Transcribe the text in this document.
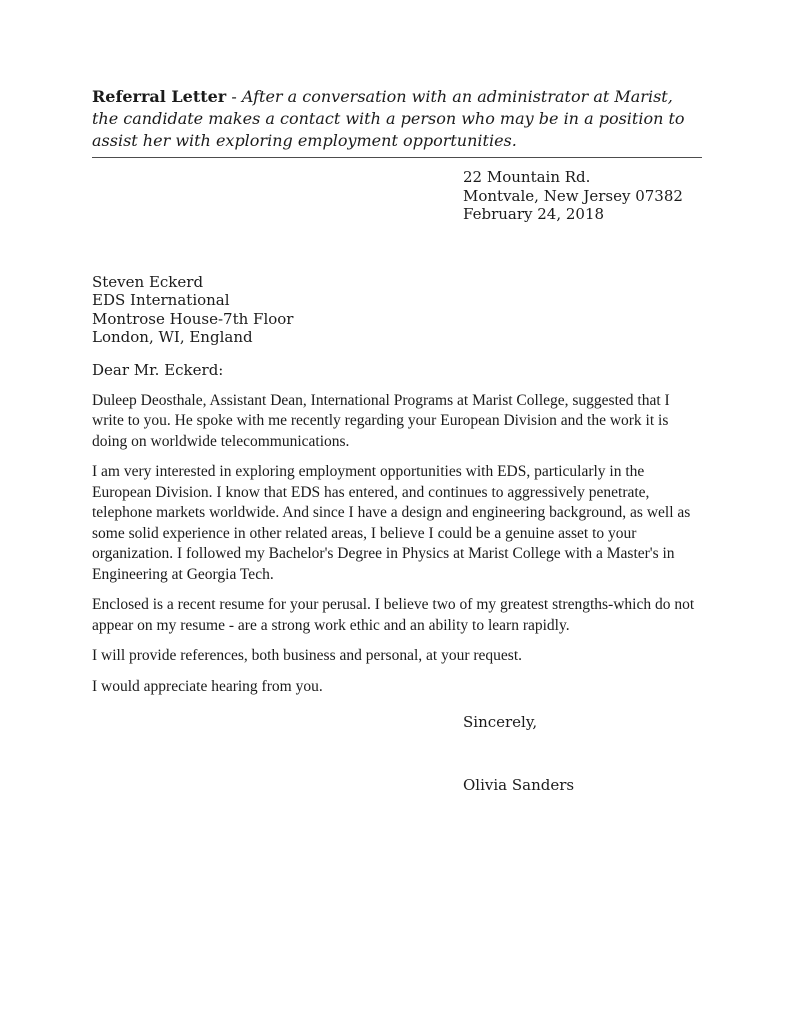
Referral Letter - After a conversation with an administrator at Marist, the candidate makes a contact with a person who may be in a position to assist her with exploring employment opportunities.
22 Mountain Rd.
Montvale, New Jersey 07382
February 24, 2018
Steven Eckerd
EDS International
Montrose House-7th Floor
London, WI, England
Dear Mr. Eckerd:

Duleep Deosthale, Assistant Dean, International Programs at Marist College, suggested that I write to you. He spoke with me recently regarding your European Division and the work it is doing on worldwide telecommunications.

I am very interested in exploring employment opportunities with EDS, particularly in the European Division. I know that EDS has entered, and continues to aggressively penetrate, telephone markets worldwide. And since I have a design and engineering background, as well as some solid experience in other related areas, I believe I could be a genuine asset to your organization. I followed my Bachelor's Degree in Physics at Marist College with a Master's in Engineering at Georgia Tech.

Enclosed is a recent resume for your perusal. I believe two of my greatest strengths-which do not appear on my resume - are a strong work ethic and an ability to learn rapidly.

I will provide references, both business and personal, at your request.

I would appreciate hearing from you.

Sincerely,
Olivia Sanders
